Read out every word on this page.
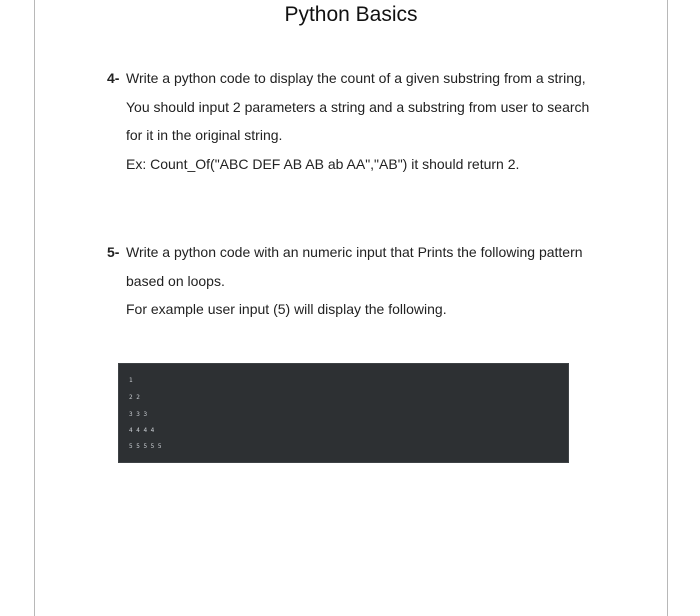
Python Basics
4- Write a python code to display the count of a given substring from a string,
You should input 2 parameters a string and a substring from user to search
for it in the original string.
Ex: Count_Of("ABC DEF AB AB ab AA","AB") it should return 2.
5- Write a python code with an numeric input that Prints the following pattern
based on loops.
For example user input (5) will display the following.
1
2 2
3 3 3
4 4 4 4
5 5 5 5 5
